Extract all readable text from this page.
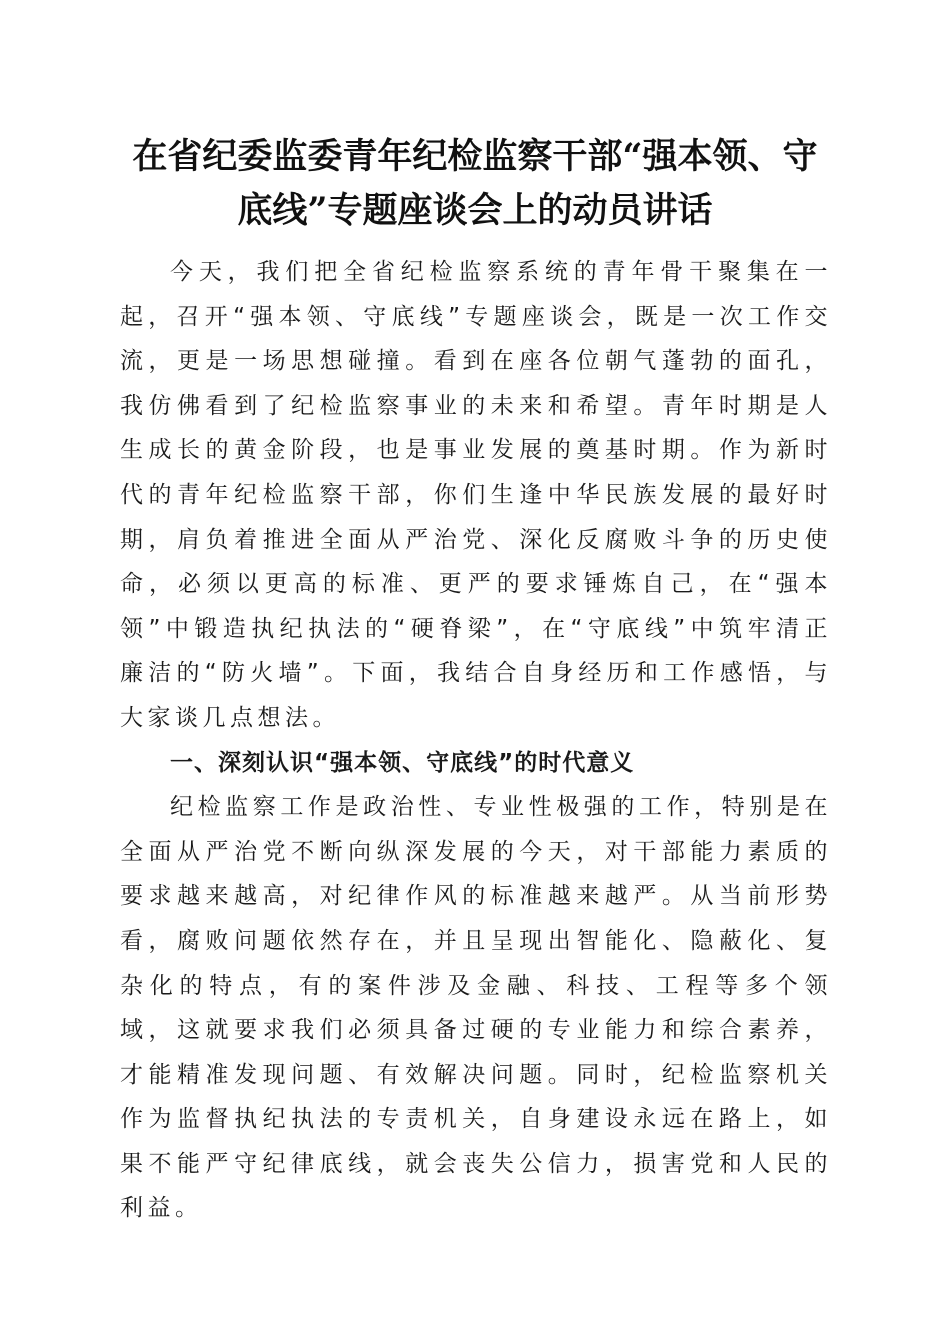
在省纪委监委青年纪检监察干部“强本领、守
底线”专题座谈会上的动员讲话

今天，我们把全省纪检监察系统的青年骨干聚集在一起，召开“强本领、守底线”专题座谈会，既是一次工作交流，更是一场思想碰撞。看到在座各位朝气蓬勃的面孔，我仿佛看到了纪检监察事业的未来和希望。青年时期是人生成长的黄金阶段，也是事业发展的奠基时期。作为新时代的青年纪检监察干部，你们生逢中华民族发展的最好时期，肩负着推进全面从严治党、深化反腐败斗争的历史使命，必须以更高的标准、更严的要求锤炼自己，在“强本领”中锻造执纪执法的“硬脊梁”，在“守底线”中筑牢清正廉洁的“防火墙”。下面，我结合自身经历和工作感悟，与大家谈几点想法。

一、深刻认识“强本领、守底线”的时代意义

纪检监察工作是政治性、专业性极强的工作，特别是在全面从严治党不断向纵深发展的今天，对干部能力素质的要求越来越高，对纪律作风的标准越来越严。从当前形势看，腐败问题依然存在，并且呈现出智能化、隐蔽化、复杂化的特点，有的案件涉及金融、科技、工程等多个领域，这就要求我们必须具备过硬的专业能力和综合素养，才能精准发现问题、有效解决问题。同时，纪检监察机关作为监督执纪执法的专责机关，自身建设永远在路上，如果不能严守纪律底线，就会丧失公信力，损害党和人民的利益。
